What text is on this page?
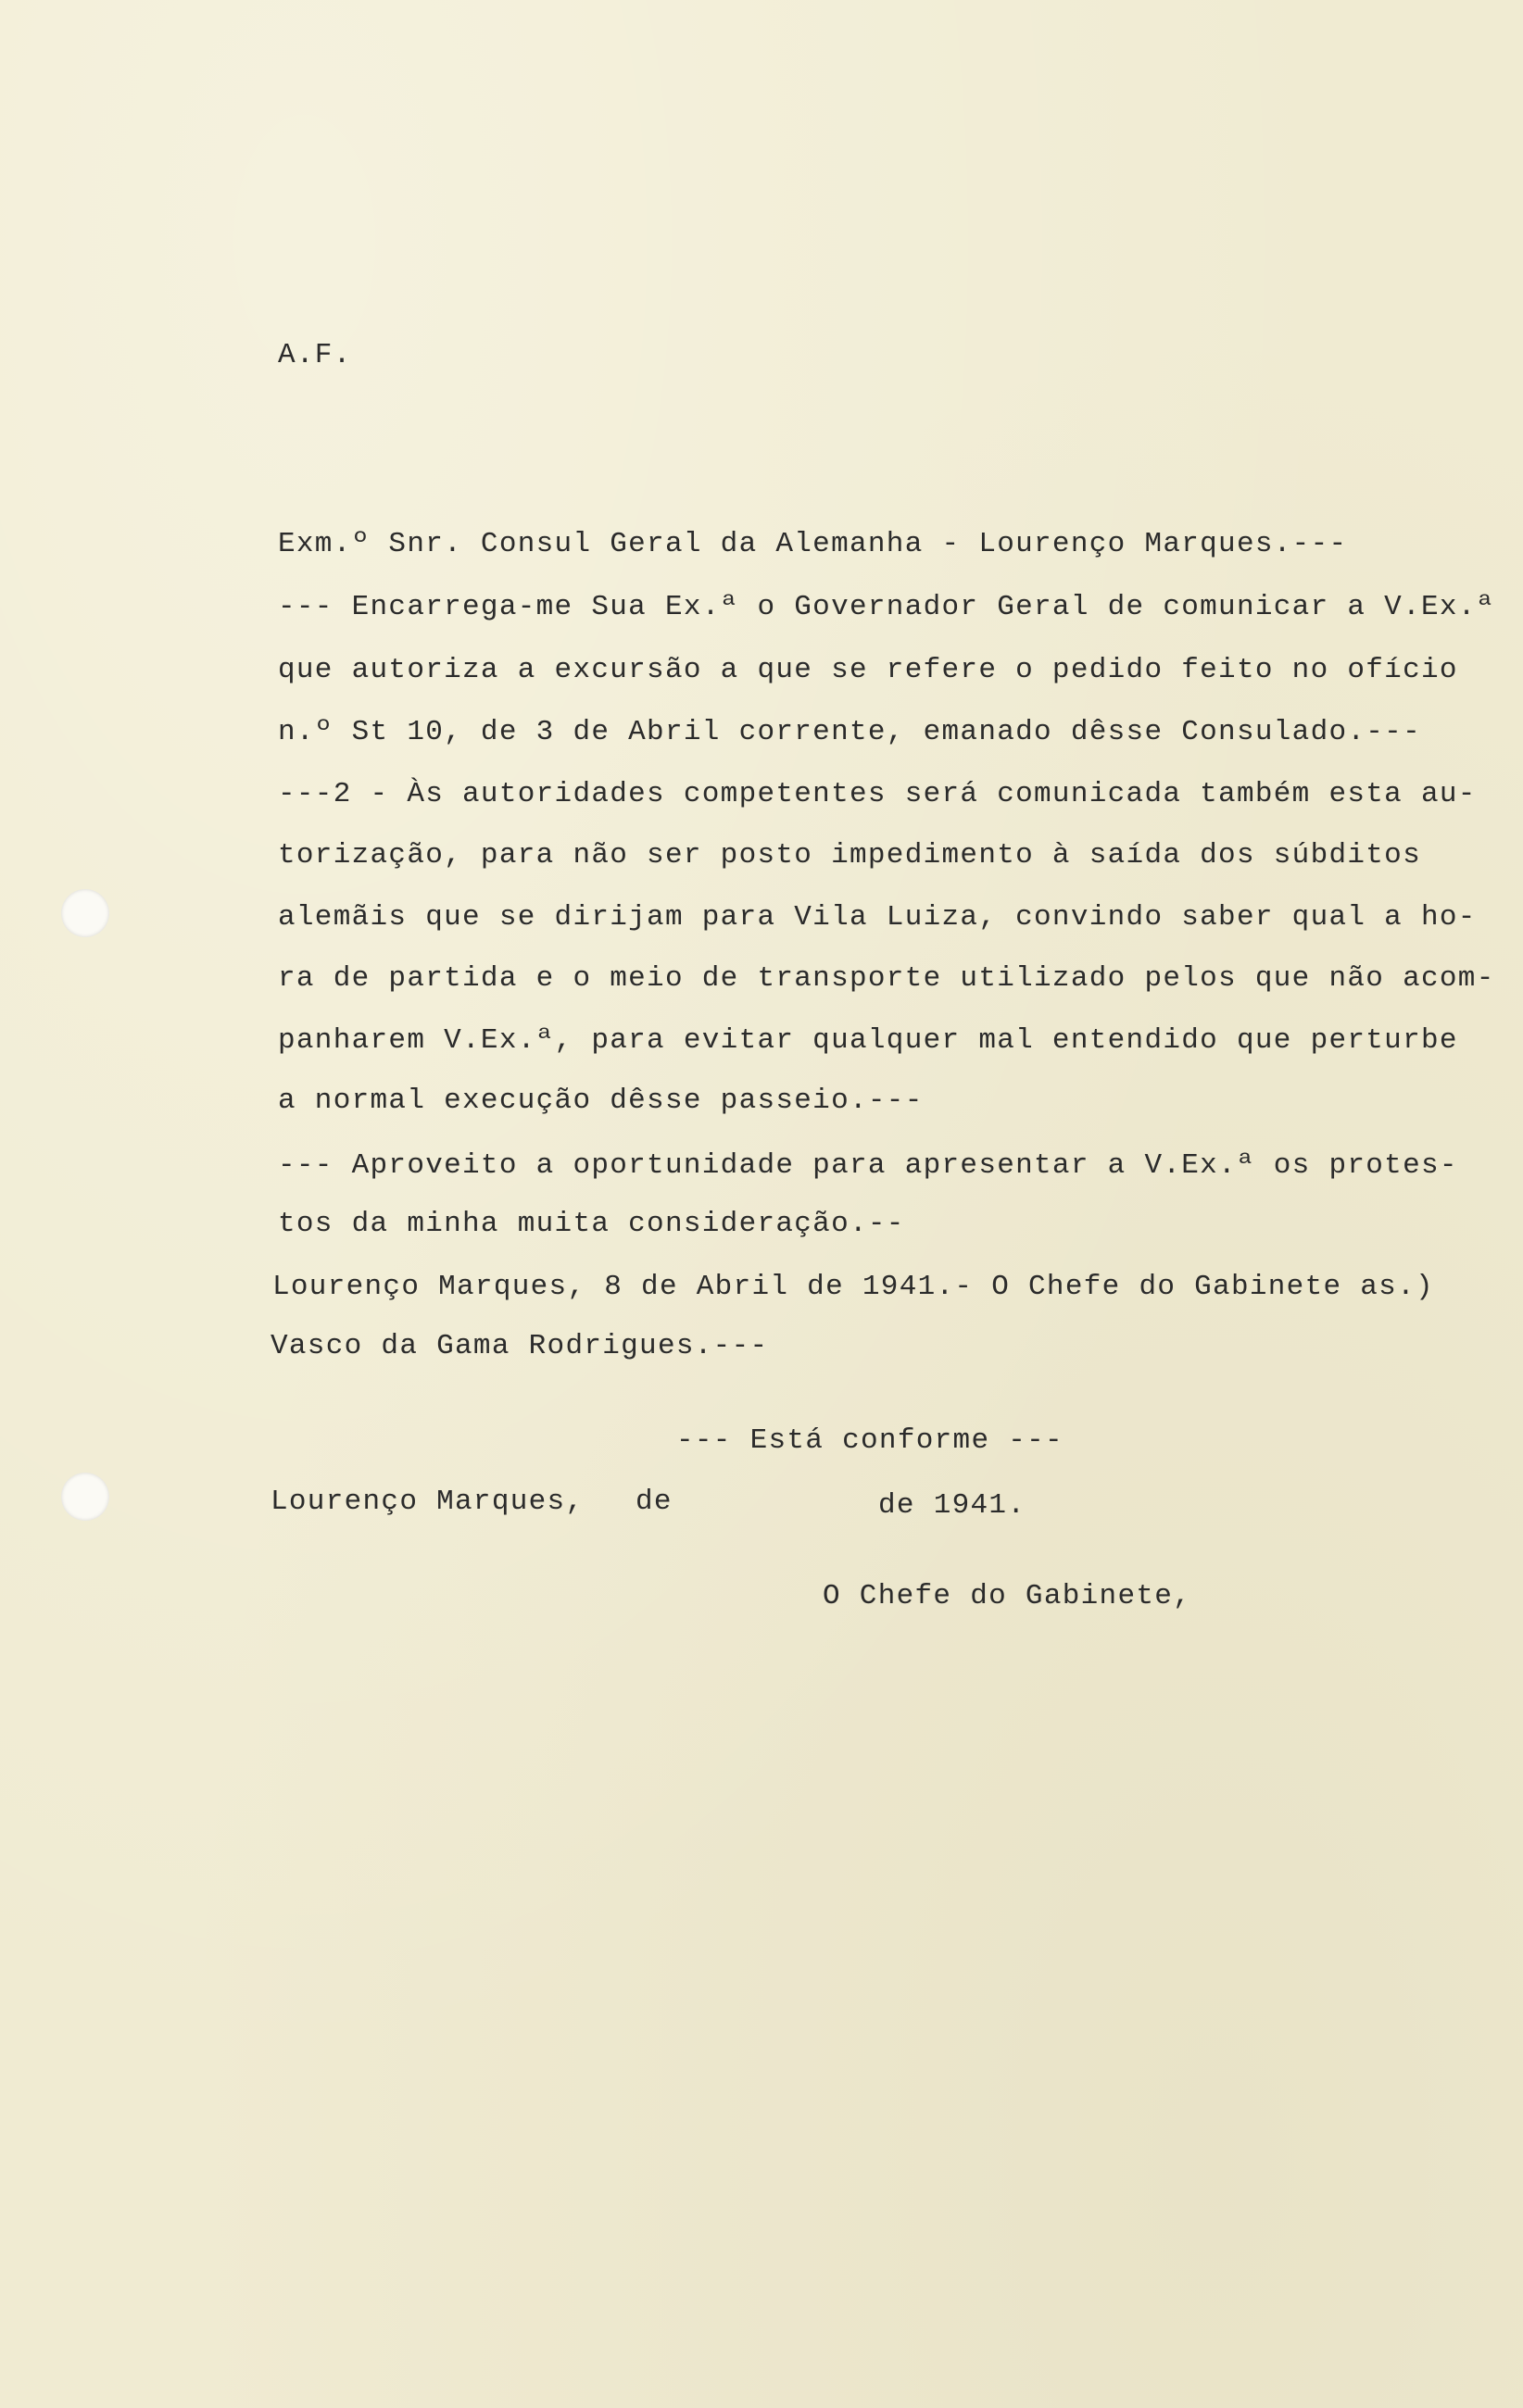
A.F.
Exm.º Snr. Consul Geral da Alemanha - Lourenço Marques.---
--- Encarrega-me Sua Ex.ª o Governador Geral de comunicar a V.Ex.ª
que autoriza a excursão a que se refere o pedido feito no ofício
n.º St 10, de 3 de Abril corrente, emanado dêsse Consulado.---
---2 - Às autoridades competentes será comunicada também esta au-
torização, para não ser posto impedimento à saída dos súbditos
alemãis que se dirijam para Vila Luiza, convindo saber qual a ho-
ra de partida e o meio de transporte utilizado pelos que não acom-
panharem V.Ex.ª, para evitar qualquer mal entendido que perturbe
a normal execução dêsse passeio.---
--- Aproveito a oportunidade para apresentar a V.Ex.ª os protes-
tos da minha muita consideração.--
Lourenço Marques, 8 de Abril de 1941.- O Chefe do Gabinete as.)
Vasco da Gama Rodrigues.---
--- Está conforme ---
Lourenço Marques, de	de 1941.
O Chefe do Gabinete,
